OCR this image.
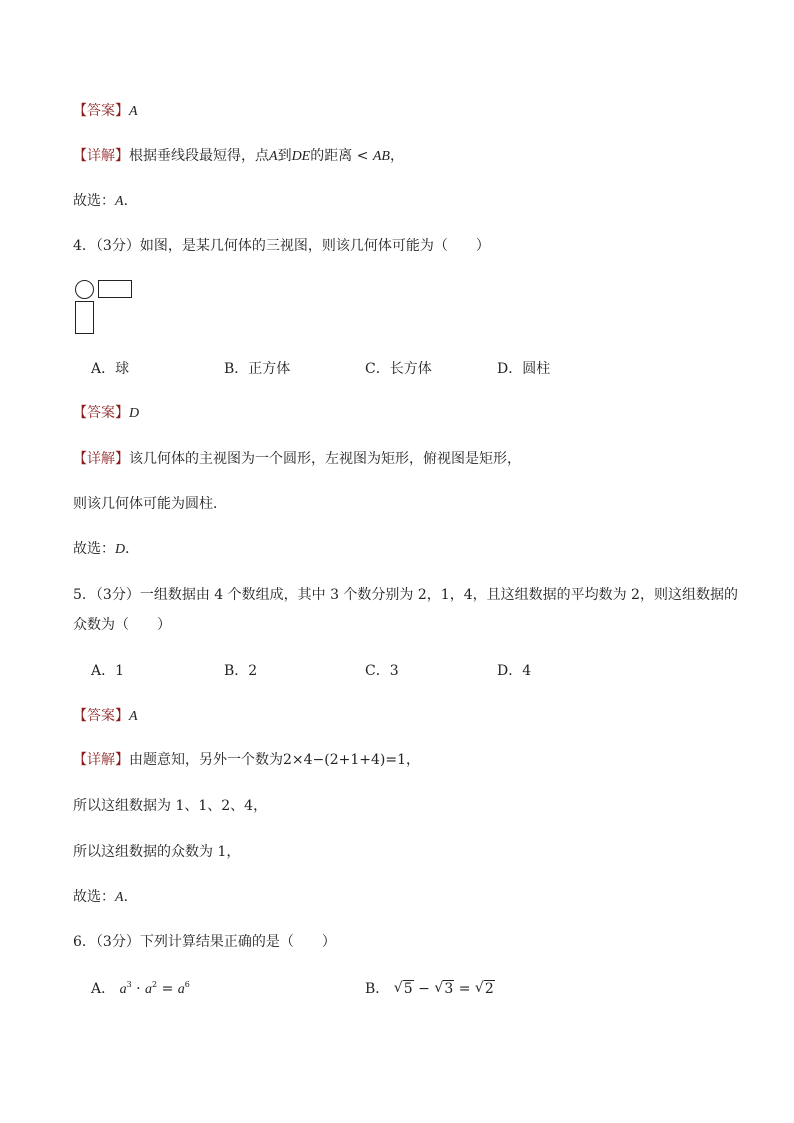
【答案】A
【详解】根据垂线段最短得，点A到DE的距离 < AB，
故选：A．
4．（3分）如图，是某几何体的三视图，则该几何体可能为（　　）
A．球	B．正方体	C．长方体	D．圆柱
【答案】D
【详解】该几何体的主视图为一个圆形，左视图为矩形，俯视图是矩形，
则该几何体可能为圆柱．
故选：D．
5．（3分）一组数据由 4 个数组成，其中 3 个数分别为 2，1，4，且这组数据的平均数为 2，则这组数据的
众数为（　　）
A．1	B．2	C．3	D．4
【答案】A
【详解】由题意知，另外一个数为2×4−(2+1+4)=1，
所以这组数据为 1、1、2、4，
所以这组数据的众数为 1，
故选：A．
6．（3分）下列计算结果正确的是（　　）
A． $a^3 \cdot a^2 = a^6$	B． √ 5 − √ 3 = √ 2
